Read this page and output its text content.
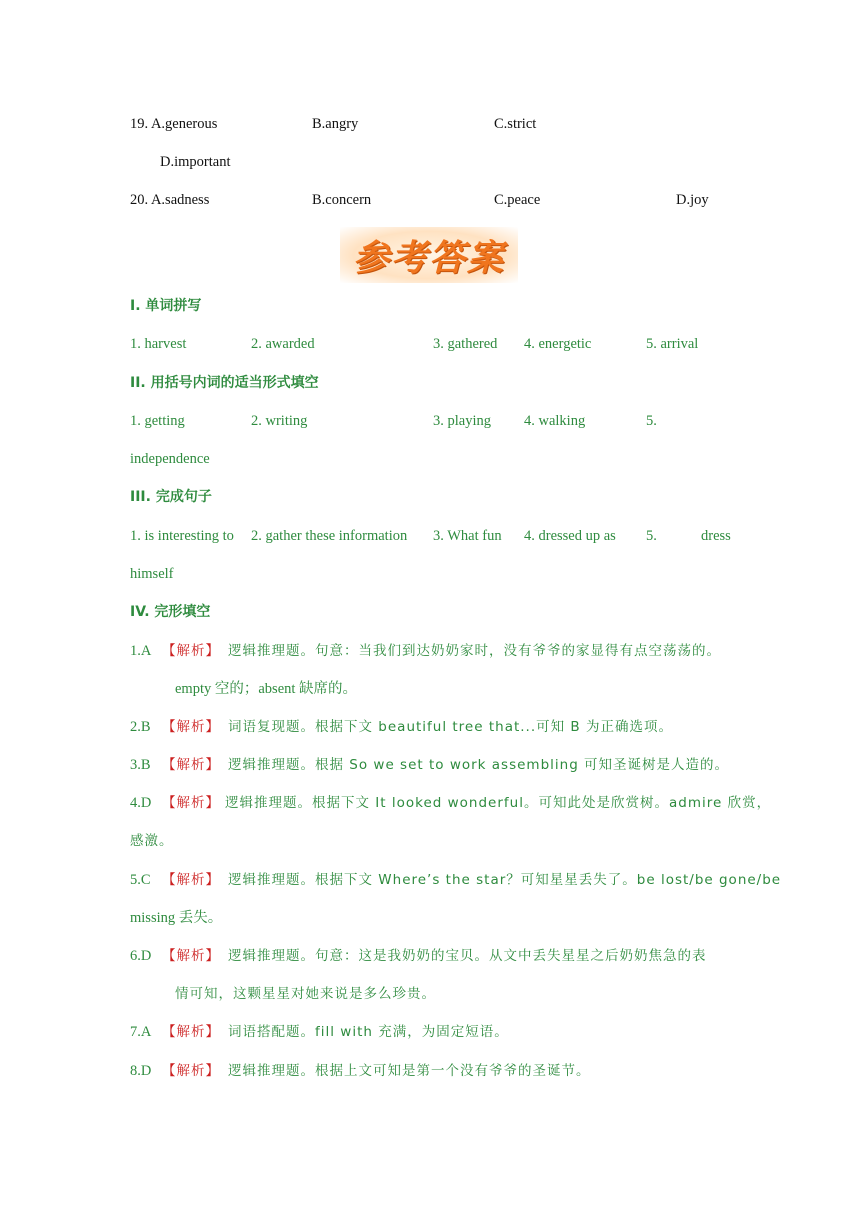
19. A.generous	B.angry	C.strict
D.important
20. A.sadness	B.concern	C.peace	D.joy
参考答案
I. 单词拼写
1. harvest	2. awarded	3. gathered 4. energetic	5. arrival
II. 用括号内词的适当形式填空
1. getting	2. writing	3. playing 4. walking	5.
independence
III. 完成句子
1. is interesting to 2. gather these information 3. What fun 4. dressed up as 5.	dress
himself
IV. 完形填空
1.A 【解析】 逻辑推理题。句意：当我们到达奶奶家时，没有爷爷的家显得有点空荡荡的。
empty 空的；absent 缺席的。
2.B 【解析】 词语复现题。根据下文 beautiful tree that...可知 B 为正确选项。
3.B 【解析】 逻辑推理题。根据 So we set to work assembling 可知圣诞树是人造的。
4.D 【解析】 逻辑推理题。根据下文 It looked wonderful。可知此处是欣赏树。admire 欣赏，
感激。
5.C 【解析】 逻辑推理题。根据下文 Where’s the star？可知星星丢失了。be lost/be gone/be
missing 丢失。
6.D 【解析】 逻辑推理题。句意：这是我奶奶的宝贝。从文中丢失星星之后奶奶焦急的表
情可知，这颗星星对她来说是多么珍贵。
7.A 【解析】 词语搭配题。fill with 充满，为固定短语。
8.D 【解析】 逻辑推理题。根据上文可知是第一个没有爷爷的圣诞节。
